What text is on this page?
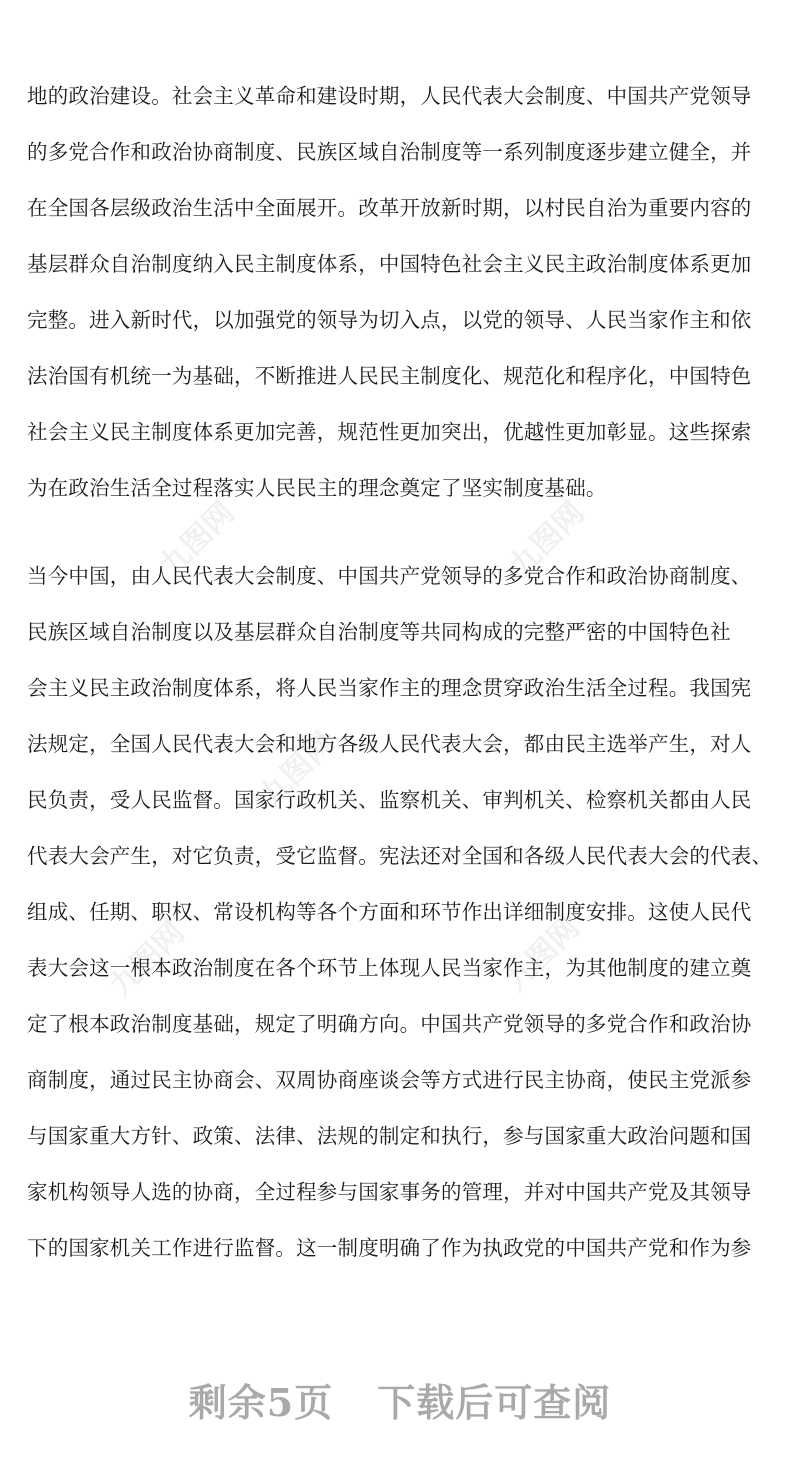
九图网	九图网
九图网
九图网	九图网

地的政治建设。社会主义革命和建设时期，人民代表大会制度、中国共产党领导
的多党合作和政治协商制度、民族区域自治制度等一系列制度逐步建立健全，并
在全国各层级政治生活中全面展开。改革开放新时期，以村民自治为重要内容的
基层群众自治制度纳入民主制度体系，中国特色社会主义民主政治制度体系更加
完整。进入新时代，以加强党的领导为切入点，以党的领导、人民当家作主和依
法治国有机统一为基础，不断推进人民民主制度化、规范化和程序化，中国特色
社会主义民主制度体系更加完善，规范性更加突出，优越性更加彰显。这些探索
为在政治生活全过程落实人民民主的理念奠定了坚实制度基础。

当今中国，由人民代表大会制度、中国共产党领导的多党合作和政治协商制度、
民族区域自治制度以及基层群众自治制度等共同构成的完整严密的中国特色社
会主义民主政治制度体系，将人民当家作主的理念贯穿政治生活全过程。我国宪
法规定，全国人民代表大会和地方各级人民代表大会，都由民主选举产生，对人
民负责，受人民监督。国家行政机关、监察机关、审判机关、检察机关都由人民
代表大会产生，对它负责，受它监督。宪法还对全国和各级人民代表大会的代表、
组成、任期、职权、常设机构等各个方面和环节作出详细制度安排。这使人民代
表大会这一根本政治制度在各个环节上体现人民当家作主，为其他制度的建立奠
定了根本政治制度基础，规定了明确方向。中国共产党领导的多党合作和政治协
商制度，通过民主协商会、双周协商座谈会等方式进行民主协商，使民主党派参
与国家重大方针、政策、法律、法规的制定和执行，参与国家重大政治问题和国
家机构领导人选的协商，全过程参与国家事务的管理，并对中国共产党及其领导
下的国家机关工作进行监督。这一制度明确了作为执政党的中国共产党和作为参

剩余5页 下载后可查阅
